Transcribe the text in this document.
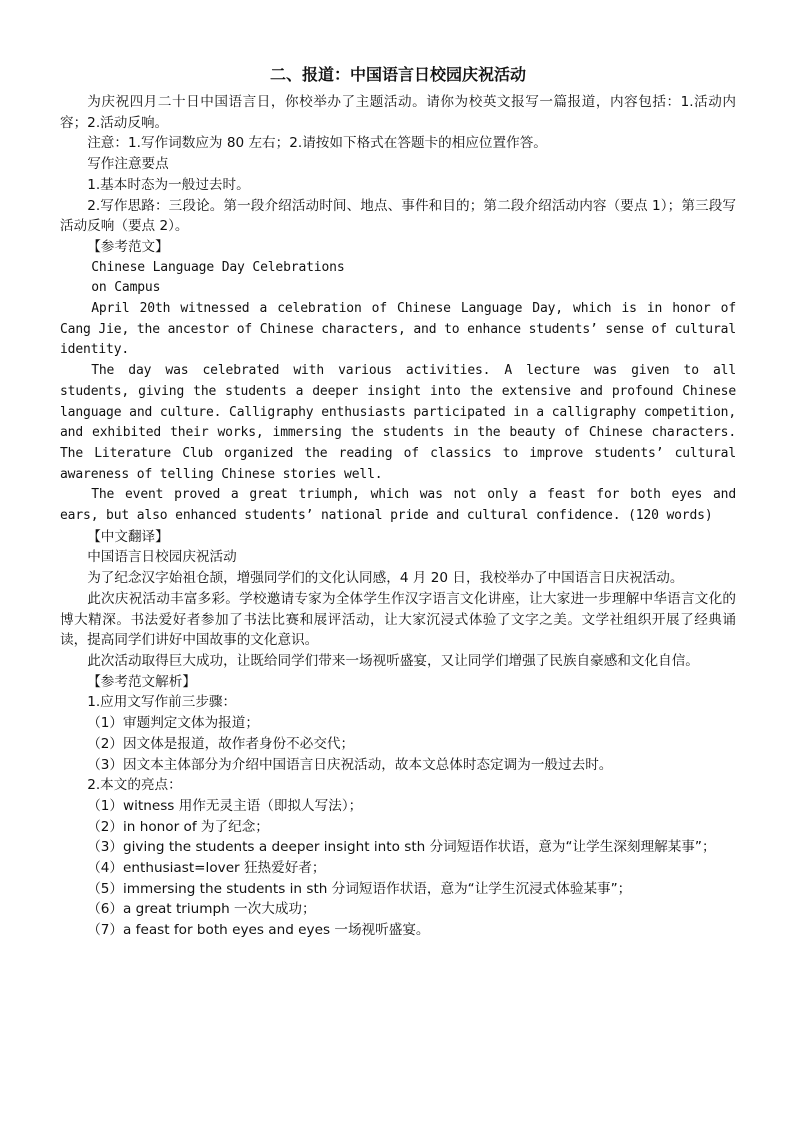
二、报道：中国语言日校园庆祝活动

为庆祝四月二十日中国语言日，你校举办了主题活动。请你为校英文报写一篇报道，内容包括：1.活动内容；2.活动反响。

注意：1.写作词数应为 80 左右；2.请按如下格式在答题卡的相应位置作答。

写作注意要点

1.基本时态为一般过去时。

2.写作思路：三段论。第一段介绍活动时间、地点、事件和目的；第二段介绍活动内容（要点 1）；第三段写活动反响（要点 2）。

【参考范文】

Chinese Language Day Celebrations

on Campus

April 20th witnessed a celebration of Chinese Language Day, which is in honor of Cang Jie, the ancestor of Chinese characters, and to enhance students’ sense of cultural identity.

The day was celebrated with various activities. A lecture was given to all students, giving the students a deeper insight into the extensive and profound Chinese language and culture. Calligraphy enthusiasts participated in a calligraphy competition, and exhibited their works, immersing the students in the beauty of Chinese characters. The Literature Club organized the reading of classics to improve students’ cultural awareness of telling Chinese stories well.

The event proved a great triumph, which was not only a feast for both eyes and ears, but also enhanced students’ national pride and cultural confidence. (120 words)

【中文翻译】

中国语言日校园庆祝活动

为了纪念汉字始祖仓颉，增强同学们的文化认同感，4 月 20 日，我校举办了中国语言日庆祝活动。

此次庆祝活动丰富多彩。学校邀请专家为全体学生作汉字语言文化讲座，让大家进一步理解中华语言文化的博大精深。书法爱好者参加了书法比赛和展评活动，让大家沉浸式体验了文字之美。文学社组织开展了经典诵读，提高同学们讲好中国故事的文化意识。

此次活动取得巨大成功，让既给同学们带来一场视听盛宴，又让同学们增强了民族自豪感和文化自信。

【参考范文解析】

1.应用文写作前三步骤：

（1）审题判定文体为报道；

（2）因文体是报道，故作者身份不必交代；

（3）因文本主体部分为介绍中国语言日庆祝活动，故本文总体时态定调为一般过去时。

2.本文的亮点：

（1）witness 用作无灵主语（即拟人写法）；

（2）in honor of 为了纪念；

（3）giving the students a deeper insight into sth 分词短语作状语，意为“让学生深刻理解某事”；

（4）enthusiast=lover 狂热爱好者；

（5）immersing the students in sth 分词短语作状语，意为“让学生沉浸式体验某事”；

（6）a great triumph 一次大成功；

（7）a feast for both eyes and eyes 一场视听盛宴。
